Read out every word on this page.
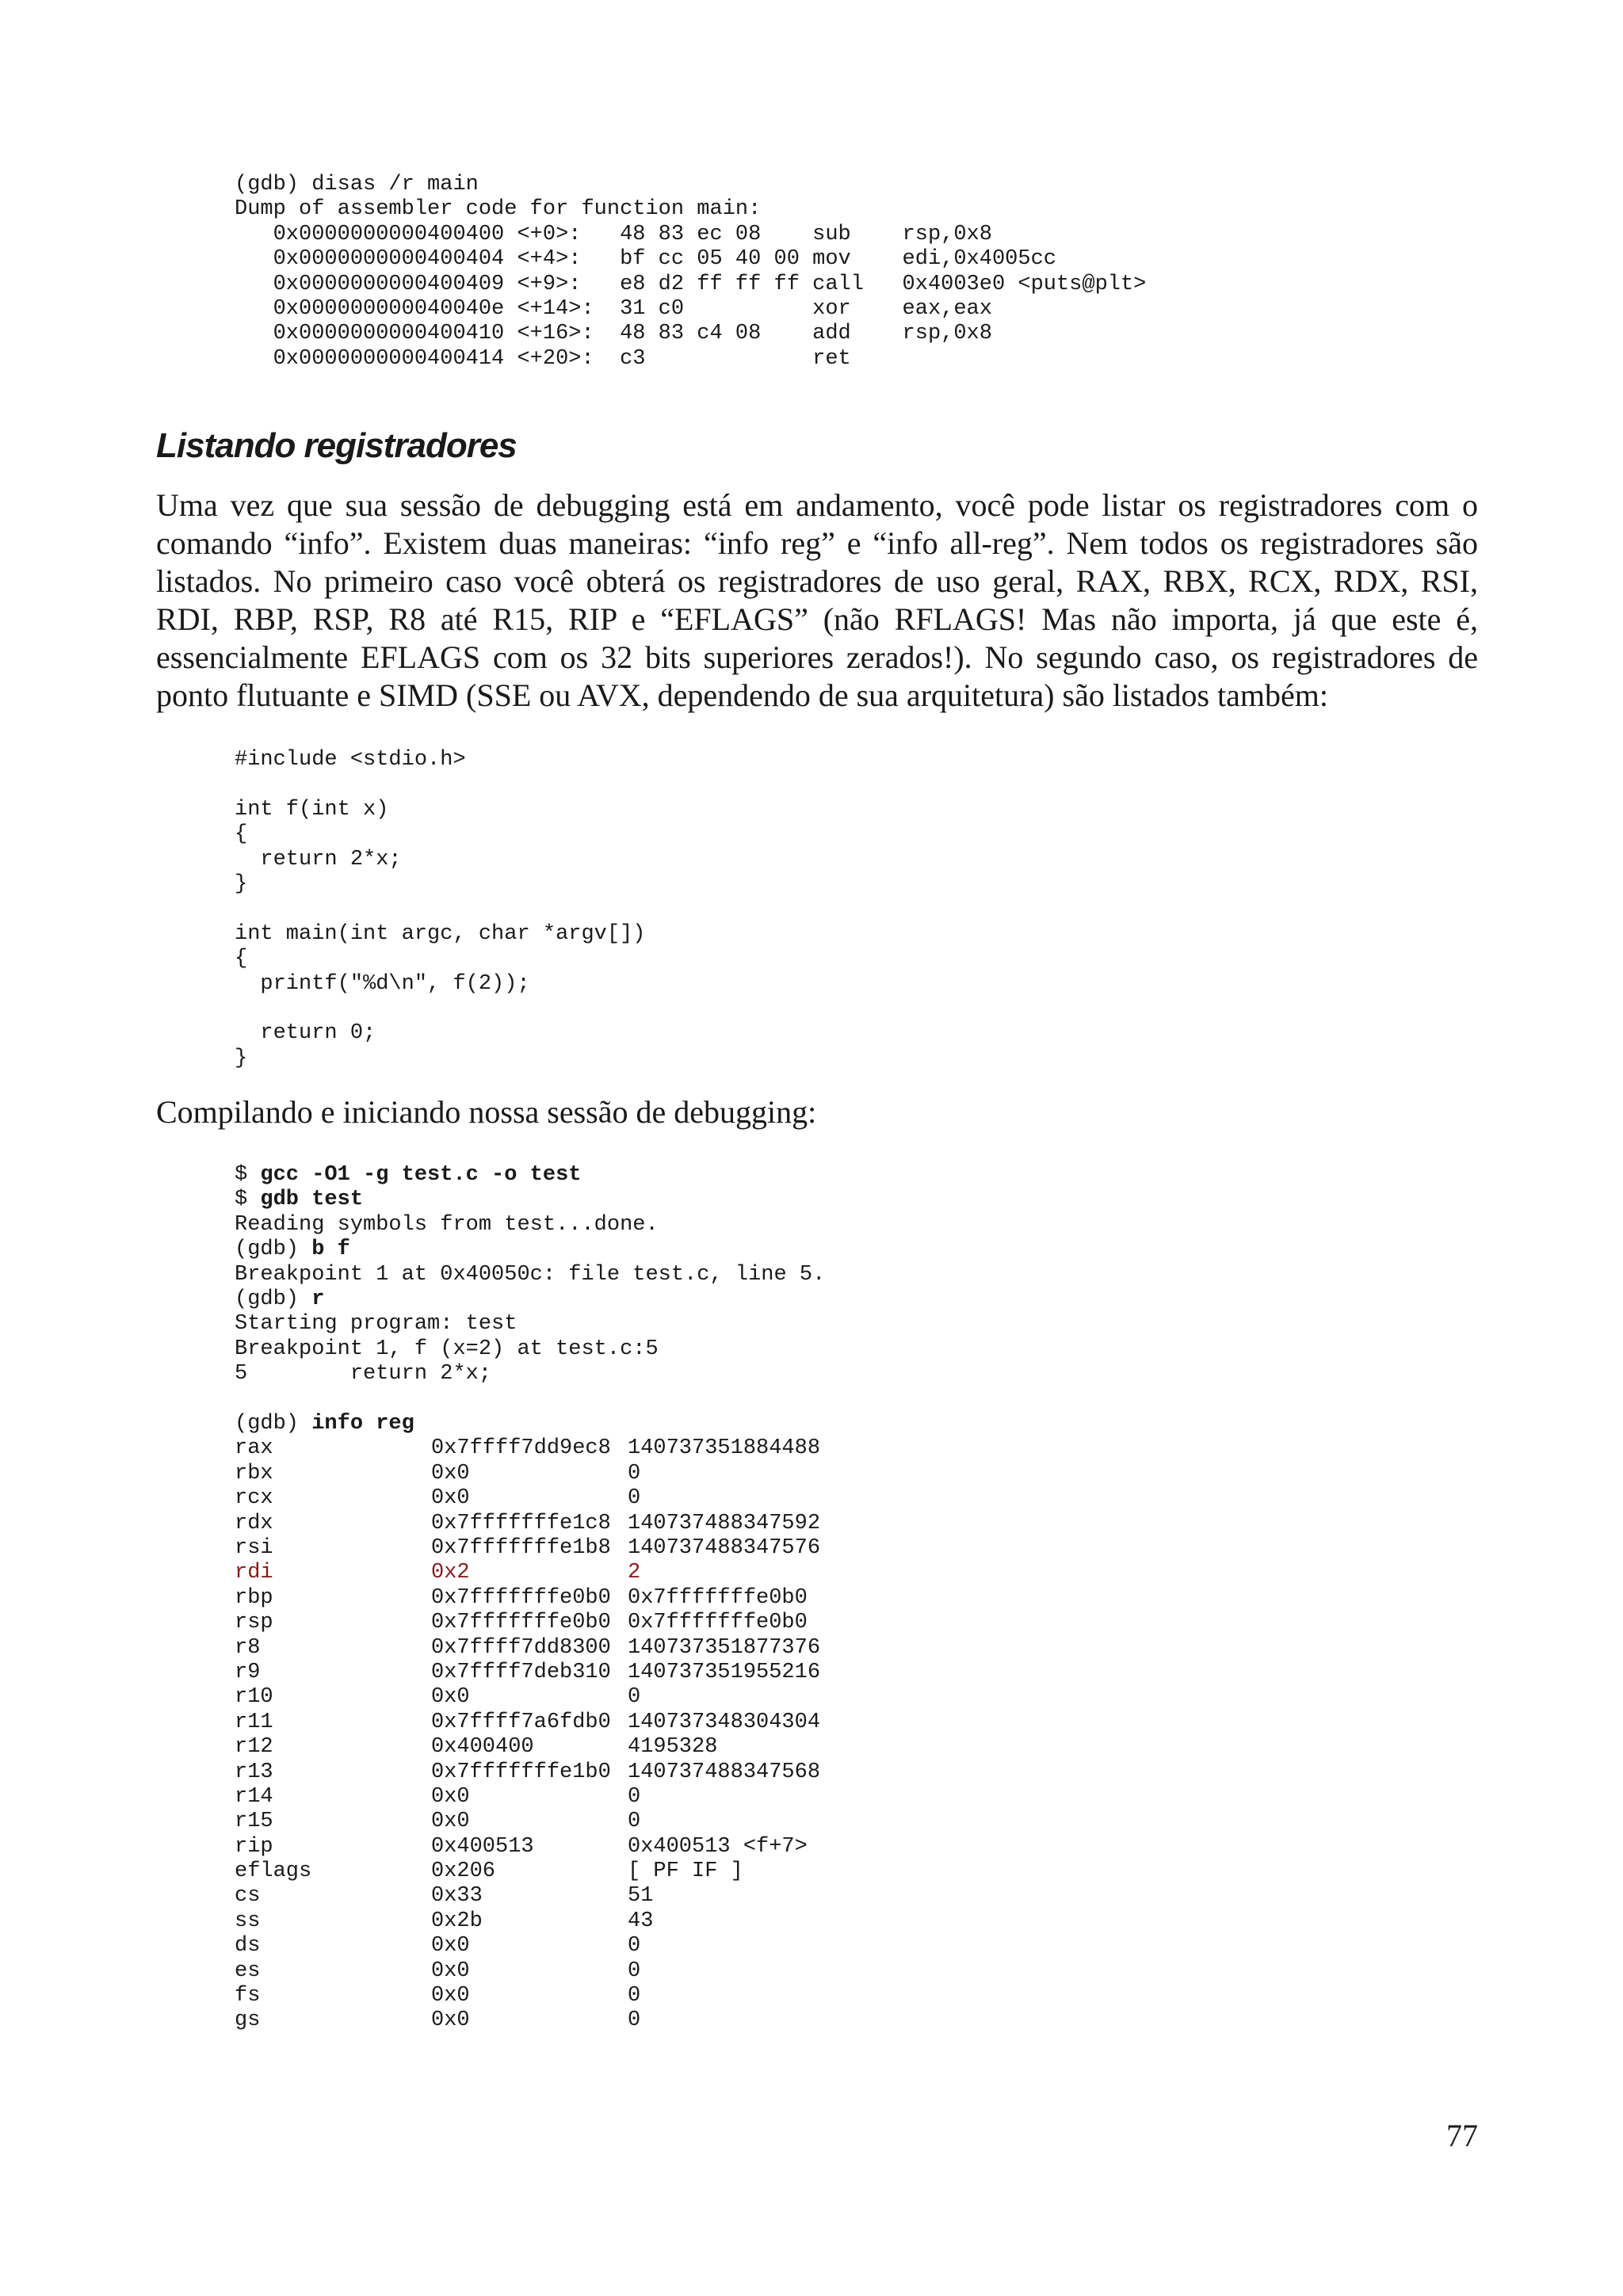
(gdb) disas /r main
Dump of assembler code for function main:
0x0000000000400400 <+0>:   48 83 ec 08    sub    rsp,0x8
0x0000000000400404 <+4>:   bf cc 05 40 00 mov    edi,0x4005cc
0x0000000000400409 <+9>:   e8 d2 ff ff ff call   0x4003e0 <puts@plt>
0x000000000040040e <+14>:  31 c0          xor    eax,eax
0x0000000000400410 <+16>:  48 83 c4 08    add    rsp,0x8
0x0000000000400414 <+20>:  c3             ret
Listando registradores

Uma vez que sua sessão de debugging está em andamento, você pode listar os registradores com o comando “info”. Existem duas maneiras: “info reg” e “info all-reg”. Nem todos os registradores são listados. No primeiro caso você obterá os registradores de uso geral, RAX, RBX, RCX, RDX, RSI, RDI, RBP, RSP, R8 até R15, RIP e “EFLAGS” (não RFLAGS! Mas não importa, já que este é, essencialmente EFLAGS com os 32 bits superiores zerados!). No segundo caso, os registradores de ponto flutuante e SIMD (SSE ou AVX, dependendo de sua arquitetura) são listados também:

#include <stdio.h>
int f(int x)
{
return 2*x;
}
int main(int argc, char *argv[])
{
printf("%d\n", f(2));
return 0;
}

Compilando e iniciando nossa sessão de debugging:

$ gcc -O1 -g test.c -o test
$ gdb test
Reading symbols from test...done.
(gdb) b f
Breakpoint 1 at 0x40050c: file test.c, line 5.
(gdb) r
Starting program: test
Breakpoint 1, f (x=2) at test.c:5
5        return 2*x;
(gdb) info reg
rax	0x7ffff7dd9ec8 140737351884488
rbx	0x0	0
rcx	0x0	0
rdx	0x7fffffffe1c8 140737488347592
rsi	0x7fffffffe1b8 140737488347576
rdi	0x2	2
rbp	0x7fffffffe0b0 0x7fffffffe0b0
rsp	0x7fffffffe0b0 0x7fffffffe0b0
r8	0x7ffff7dd8300 140737351877376
r9	0x7ffff7deb310 140737351955216
r10	0x0	0
r11	0x7ffff7a6fdb0 140737348304304
r12	0x400400	4195328
r13	0x7fffffffe1b0 140737488347568
r14	0x0	0
r15	0x0	0
rip	0x400513	0x400513 <f+7>
eflags	0x206	[ PF IF ]
cs	0x33	51
ss	0x2b	43
ds	0x0	0
es	0x0	0
fs	0x0	0
gs	0x0	0
77
